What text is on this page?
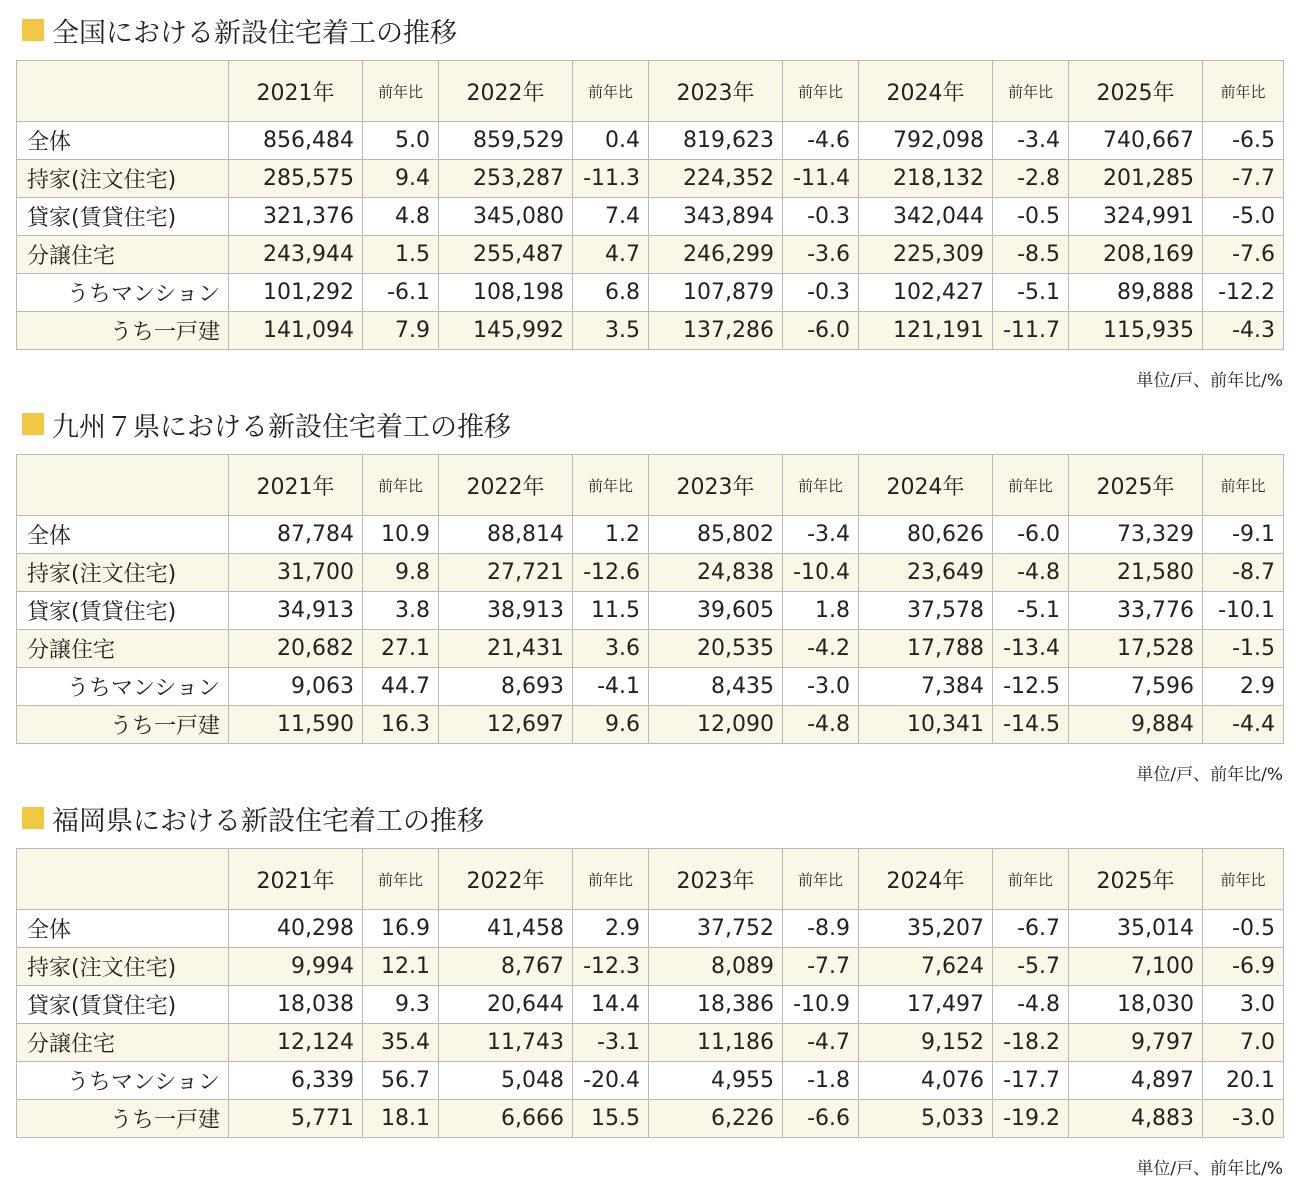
全国における新設住宅着工の推移
	2021年	前年比	2022年	前年比	2023年	前年比	2024年	前年比	2025年	前年比
全体	856,484	5.0	859,529	0.4	819,623	-4.6	792,098	-3.4	740,667	-6.5
持家(注文住宅)	285,575	9.4	253,287	-11.3	224,352	-11.4	218,132	-2.8	201,285	-7.7
貸家(賃貸住宅)	321,376	4.8	345,080	7.4	343,894	-0.3	342,044	-0.5	324,991	-5.0
分譲住宅	243,944	1.5	255,487	4.7	246,299	-3.6	225,309	-8.5	208,169	-7.6
うちマンション	101,292	-6.1	108,198	6.8	107,879	-0.3	102,427	-5.1	89,888	-12.2
うち一戸建	141,094	7.9	145,992	3.5	137,286	-6.0	121,191	-11.7	115,935	-4.3
単位/戸、前年比/%
九州７県における新設住宅着工の推移
	2021年	前年比	2022年	前年比	2023年	前年比	2024年	前年比	2025年	前年比
全体	87,784	10.9	88,814	1.2	85,802	-3.4	80,626	-6.0	73,329	-9.1
持家(注文住宅)	31,700	9.8	27,721	-12.6	24,838	-10.4	23,649	-4.8	21,580	-8.7
貸家(賃貸住宅)	34,913	3.8	38,913	11.5	39,605	1.8	37,578	-5.1	33,776	-10.1
分譲住宅	20,682	27.1	21,431	3.6	20,535	-4.2	17,788	-13.4	17,528	-1.5
うちマンション	9,063	44.7	8,693	-4.1	8,435	-3.0	7,384	-12.5	7,596	2.9
うち一戸建	11,590	16.3	12,697	9.6	12,090	-4.8	10,341	-14.5	9,884	-4.4
単位/戸、前年比/%
福岡県における新設住宅着工の推移
	2021年	前年比	2022年	前年比	2023年	前年比	2024年	前年比	2025年	前年比
全体	40,298	16.9	41,458	2.9	37,752	-8.9	35,207	-6.7	35,014	-0.5
持家(注文住宅)	9,994	12.1	8,767	-12.3	8,089	-7.7	7,624	-5.7	7,100	-6.9
貸家(賃貸住宅)	18,038	9.3	20,644	14.4	18,386	-10.9	17,497	-4.8	18,030	3.0
分譲住宅	12,124	35.4	11,743	-3.1	11,186	-4.7	9,152	-18.2	9,797	7.0
うちマンション	6,339	56.7	5,048	-20.4	4,955	-1.8	4,076	-17.7	4,897	20.1
うち一戸建	5,771	18.1	6,666	15.5	6,226	-6.6	5,033	-19.2	4,883	-3.0
単位/戸、前年比/%
